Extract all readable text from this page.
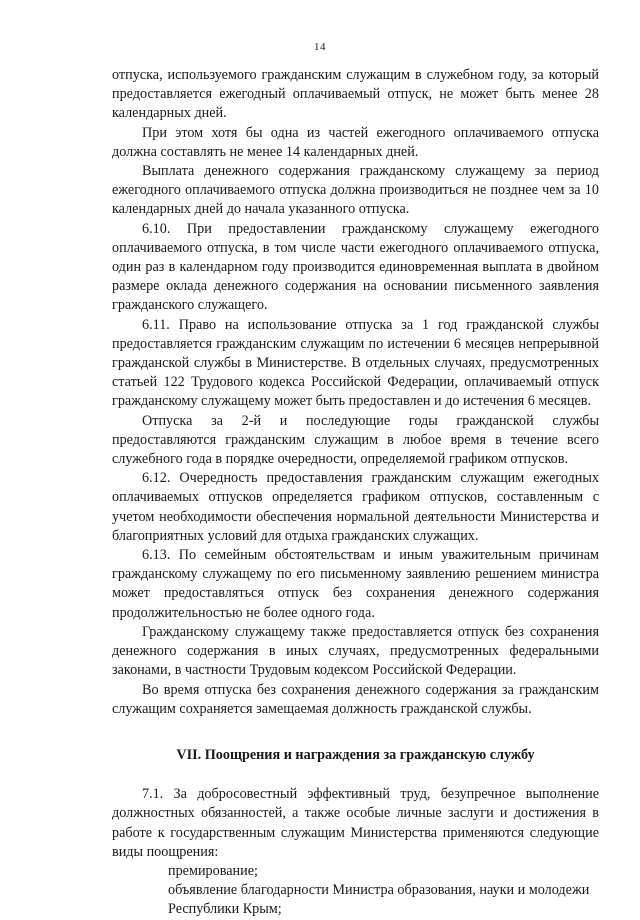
14

отпуска, используемого гражданским служащим в служебном году, за который предоставляется ежегодный оплачиваемый отпуск, не может быть менее 28 календарных дней.

При этом хотя бы одна из частей ежегодного оплачиваемого отпуска должна составлять не менее 14 календарных дней.

Выплата денежного содержания гражданскому служащему за период ежегодного оплачиваемого отпуска должна производиться не позднее чем за 10 календарных дней до начала указанного отпуска.

6.10. При предоставлении гражданскому служащему ежегодного оплачиваемого отпуска, в том числе части ежегодного оплачиваемого отпуска, один раз в календарном году производится единовременная выплата в двойном размере оклада денежного содержания на основании письменного заявления гражданского служащего.

6.11. Право на использование отпуска за 1 год гражданской службы предоставляется гражданским служащим по истечении 6 месяцев непрерывной гражданской службы в Министерстве. В отдельных случаях, предусмотренных статьей 122 Трудового кодекса Российской Федерации, оплачиваемый отпуск гражданскому служащему может быть предоставлен и до истечения 6 месяцев.

Отпуска за 2-й и последующие годы гражданской службы предоставляются гражданским служащим в любое время в течение всего служебного года в порядке очередности, определяемой графиком отпусков.

6.12. Очередность предоставления гражданским служащим ежегодных оплачиваемых отпусков определяется графиком отпусков, составленным с учетом необходимости обеспечения нормальной деятельности Министерства и благоприятных условий для отдыха гражданских служащих.

6.13. По семейным обстоятельствам и иным уважительным причинам гражданскому служащему по его письменному заявлению решением министра может предоставляться отпуск без сохранения денежного содержания продолжительностью не более одного года.

Гражданскому служащему также предоставляется отпуск без сохранения денежного содержания в иных случаях, предусмотренных федеральными законами, в частности Трудовым кодексом Российской Федерации.

Во время отпуска без сохранения денежного содержания за гражданским служащим сохраняется замещаемая должность гражданской службы.

VII. Поощрения и награждения за гражданскую службу

7.1. За добросовестный эффективный труд, безупречное выполнение должностных обязанностей, а также особые личные заслуги и достижения в работе к государственным служащим Министерства применяются следующие виды поощрения:

премирование;

объявление благодарности Министра образования, науки и молодежи Республики Крым;
